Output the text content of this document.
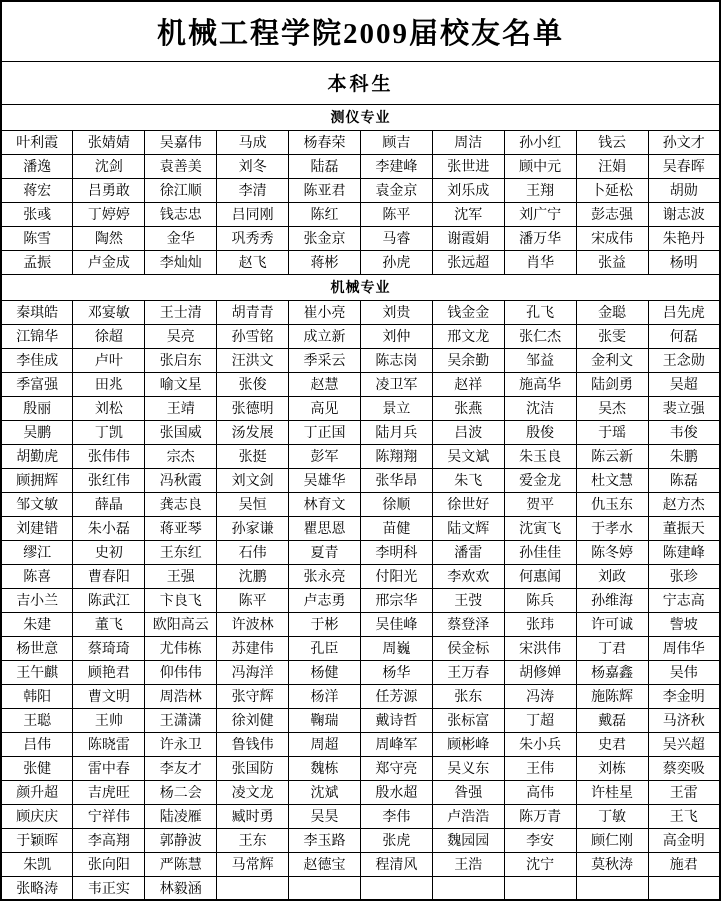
机械工程学院2009届校友名单									
本科生									
测仪专业									
叶利霞	张婧婧	吴嘉伟	马成	杨春荣	顾吉	周洁	孙小红	钱云	孙文才
潘逸	沈剑	袁善美	刘冬	陆磊	李建峰	张世进	顾中元	汪娟	吴春晖
蒋宏	吕勇敢	徐江顺	李清	陈亚君	袁金京	刘乐成	王翔	卜延松	胡勋
张彧	丁婷婷	钱志忠	吕同刚	陈红	陈平	沈军	刘广宁	彭志强	谢志波
陈雪	陶然	金华	巩秀秀	张金京	马睿	谢霞娟	潘万华	宋成伟	朱艳丹
孟振	卢金成	李灿灿	赵飞	蒋彬	孙虎	张远超	肖华	张益	杨明
机械专业									
秦琪皓	邓宴敏	王士清	胡青青	崔小亮	刘贵	钱金金	孔飞	金聪	吕先虎
江锦华	徐超	吴亮	孙雪铭	成立新	刘仲	邢文龙	张仁杰	张雯	何磊
李佳成	卢叶	张启东	汪洪文	季采云	陈志岗	吴余勤	邹益	金利文	王念勋
季富强	田兆	喻文星	张俊	赵慧	凌卫军	赵祥	施高华	陆剑勇	吴超
殷丽	刘松	王靖	张德明	高见	景立	张燕	沈洁	吴杰	裴立强
吴鹏	丁凯	张国威	汤发展	丁正国	陆月兵	吕波	殷俊	于瑶	韦俊
胡勤虎	张伟伟	宗杰	张挺	彭军	陈翔翔	吴文斌	朱玉良	陈云新	朱鹏
顾拥辉	张红伟	冯秋霞	刘文剑	吴雄华	张华昂	朱飞	爱金龙	杜文慧	陈磊
邹文敏	薛晶	龚志良	吴恒	林育文	徐顺	徐世好	贺平	仇玉东	赵方杰
刘建错	朱小磊	蒋亚琴	孙家谦	瞿思恩	苗健	陆文辉	沈寅飞	于孝水	董振天
缪江	史初	王东红	石伟	夏青	李明科	潘雷	孙佳佳	陈冬婷	陈建峰
陈喜	曹春阳	王强	沈鹏	张永亮	付阳光	李欢欢	何惠闻	刘政	张珍
吉小兰	陈武江	卞良飞	陈平	卢志勇	邢宗华	王弢	陈兵	孙维海	宁志高
朱建	董飞	欧阳高云	许波林	于彬	吴佳峰	蔡登泽	张玮	许可诚	訾坡
杨世意	蔡琦琦	尤伟栋	苏建伟	孔臣	周巍	侯金标	宋洪伟	丁君	周伟华
王午麒	顾艳君	仰伟伟	冯海洋	杨健	杨华	王万春	胡修婵	杨嘉鑫	吴伟
韩阳	曹文明	周浩林	张守辉	杨洋	任芳源	张东	冯涛	施陈辉	李金明
王聪	王帅	王潇潇	徐刘健	鞠瑞	戴诗哲	张标富	丁超	戴磊	马济秋
吕伟	陈晓雷	许永卫	鲁钱伟	周超	周峰军	顾彬峰	朱小兵	史君	吴兴超
张健	雷中春	李友才	张国防	魏栋	郑守亮	吴义东	王伟	刘栋	蔡奕吸
颜升超	吉虎旺	杨二会	凌文龙	沈斌	殷水超	昝强	高伟	许桂星	王雷
顾庆庆	宁祥伟	陆凌雁	臧时勇	吴昊	李伟	卢浩浩	陈万青	丁敏	王飞
于颖晖	李高翔	郭静波	王东	李玉路	张虎	魏园园	李安	顾仁刚	高金明
朱凯	张向阳	严陈慧	马常辉	赵德宝	程清风	王浩	沈宁	莫秋涛	施君
张略涛	韦正实	林毅涵							
